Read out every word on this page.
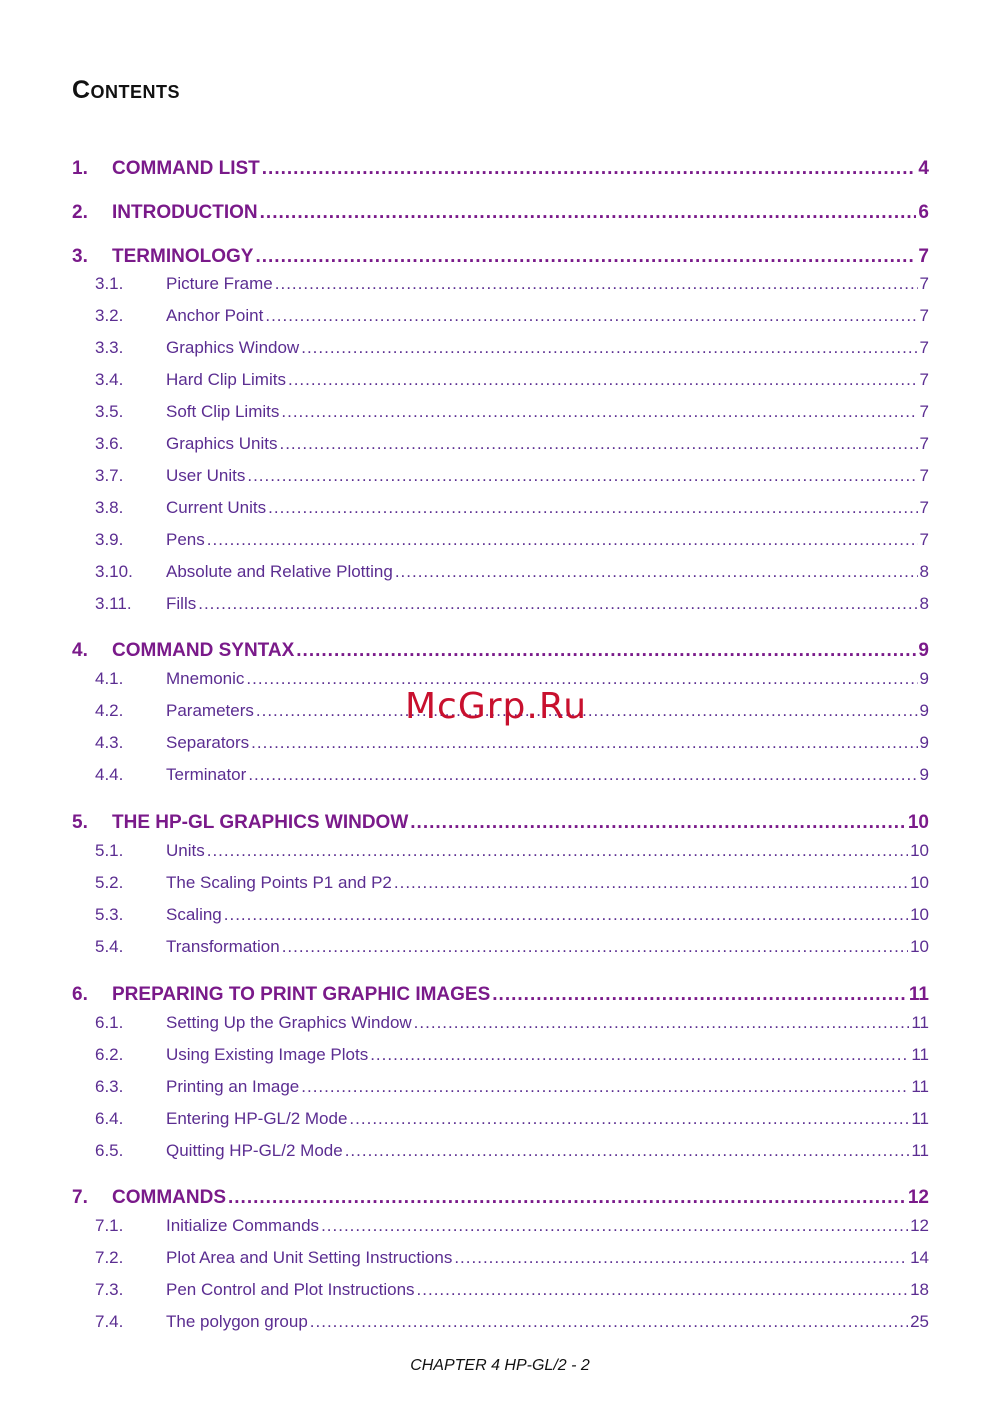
Contents
1.	COMMAND LIST .....	4
2.	INTRODUCTION .....	6
3.	TERMINOLOGY .....	7
3.1.	Picture Frame .....	7
3.2.	Anchor Point .....	7
3.3.	Graphics Window .....	7
3.4.	Hard Clip Limits .....	7
3.5.	Soft Clip Limits .....	7
3.6.	Graphics Units .....	7
3.7.	User Units .....	7
3.8.	Current Units .....	7
3.9.	Pens .....	7
3.10.	Absolute and Relative Plotting .....	8
3.11.	Fills .....	8
4.	COMMAND SYNTAX .....	9
4.1.	Mnemonic .....	9
4.2.	Parameters .....	9
4.3.	Separators .....	9
4.4.	Terminator .....	9
5.	THE HP-GL GRAPHICS WINDOW .....	10
5.1.	Units .....	10
5.2.	The Scaling Points P1 and P2 .....	10
5.3.	Scaling .....	10
5.4.	Transformation .....	10
6.	PREPARING TO PRINT GRAPHIC IMAGES .....	11
6.1.	Setting Up the Graphics Window .....	11
6.2.	Using Existing Image Plots .....	11
6.3.	Printing an Image .....	11
6.4.	Entering HP-GL/2 Mode .....	11
6.5.	Quitting HP-GL/2 Mode .....	11
7.	COMMANDS .....	12
7.1.	Initialize Commands .....	12
7.2.	Plot Area and Unit Setting Instructions .....	14
7.3.	Pen Control and Plot Instructions .....	18
7.4.	The polygon group .....	25
McGrp.Ru
CHAPTER 4 HP-GL/2 - 2
